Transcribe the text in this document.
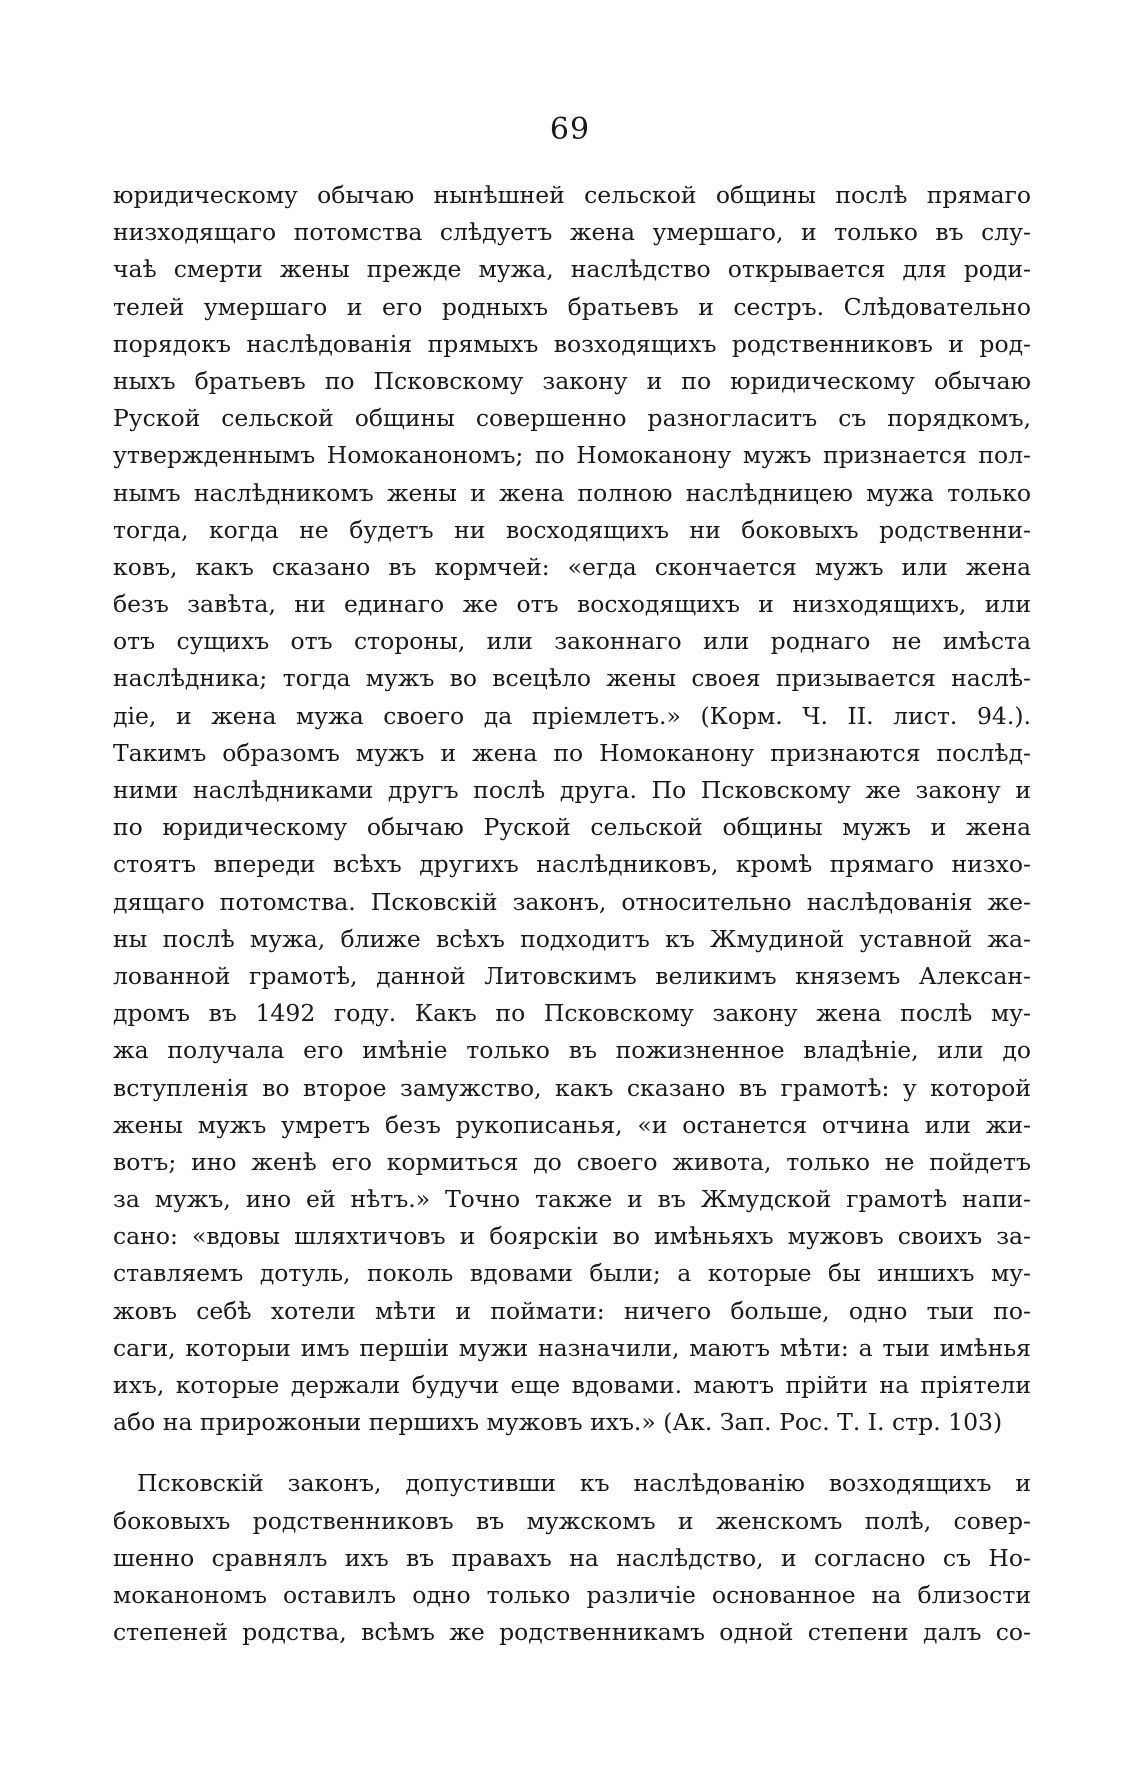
69
юридическому обычаю нынѣшней сельской общины послѣ прямаго
низходящаго потомства слѣдуетъ жена умершаго, и только въ слу-
чаѣ смерти жены прежде мужа, наслѣдство открывается для роди-
телей умершаго и его родныхъ братьевъ и сестръ. Слѣдовательно
порядокъ наслѣдованія прямыхъ возходящихъ родственниковъ и род-
ныхъ братьевъ по Псковскому закону и по юридическому обычаю
Руской сельской общины совершенно разногласитъ съ порядкомъ,
утвержденнымъ Номоканономъ; по Номоканону мужъ признается пол-
нымъ наслѣдникомъ жены и жена полною наслѣдницею мужа только
тогда, когда не будетъ ни восходящихъ ни боковыхъ родственни-
ковъ, какъ сказано въ кормчей: «егда скончается мужъ или жена
безъ завѣта, ни единаго же отъ восходящихъ и низходящихъ, или
отъ сущихъ отъ стороны, или законнаго или роднаго не имѣста
наслѣдника; тогда мужъ во всецѣло жены своея призывается наслѣ-
діе, и жена мужа своего да пріемлетъ.» (Корм. Ч. II. лист. 94.).
Такимъ образомъ мужъ и жена по Номоканону признаются послѣд-
ними наслѣдниками другъ послѣ друга. По Псковскому же закону и
по юридическому обычаю Руской сельской общины мужъ и жена
стоятъ впереди всѣхъ другихъ наслѣдниковъ, кромѣ прямаго низхо-
дящаго потомства. Псковскій законъ, относительно наслѣдованія же-
ны послѣ мужа, ближе всѣхъ подходитъ къ Жмудиной уставной жа-
лованной грамотѣ, данной Литовскимъ великимъ княземъ Алексан-
дромъ въ 1492 году. Какъ по Псковскому закону жена послѣ му-
жа получала его имѣніе только въ пожизненное владѣніе, или до
вступленія во второе замужство, какъ сказано въ грамотѣ: у которой
жены мужъ умретъ безъ рукописанья, «и останется отчина или жи-
вотъ; ино женѣ его кормиться до своего живота, только не пойдетъ
за мужъ, ино ей нѣтъ.» Точно также и въ Жмудской грамотѣ напи-
сано: «вдовы шляхтичовъ и боярскіи во имѣньяхъ мужовъ своихъ за-
ставляемъ дотуль, поколь вдовами были; а которые бы иншихъ му-
жовъ себѣ хотели мѣти и поймати: ничего больше, одно тыи по-
саги, которыи имъ першіи мужи назначили, маютъ мѣти: а тыи имѣнья
ихъ, которые держали будучи еще вдовами. маютъ прійти на пріятели
або на прирожоныи першихъ мужовъ ихъ.» (Ак. Зап. Рос. Т. I. стр. 103)
Псковскій законъ, допустивши къ наслѣдованію возходящихъ и
боковыхъ родственниковъ въ мужскомъ и женскомъ полѣ, совер-
шенно сравнялъ ихъ въ правахъ на наслѣдство, и согласно съ Но-
моканономъ оставилъ одно только различіе основанное на близости
степеней родства, всѣмъ же родственникамъ одной степени далъ со-
